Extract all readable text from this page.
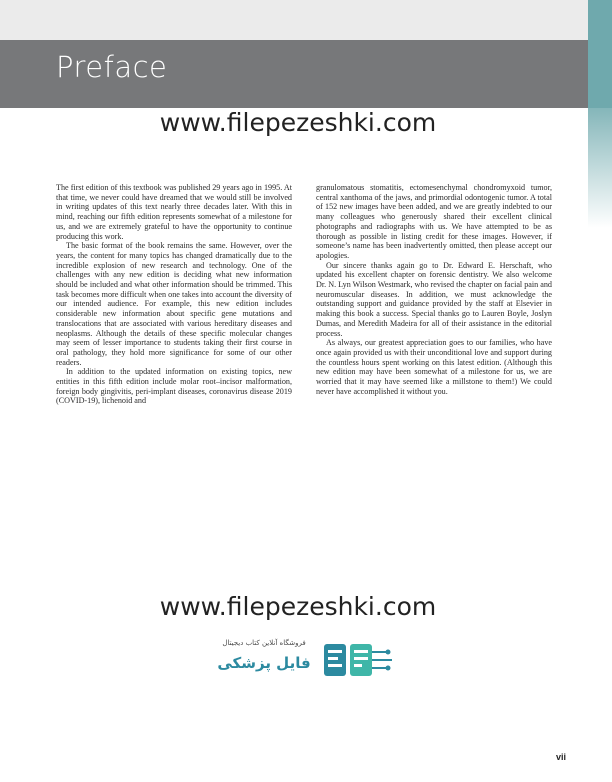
Preface
www.filepezeshki.com

The first edition of this textbook was published 29 years ago in 1995. At that time, we never could have dreamed that we would still be involved in writing updates of this text nearly three decades later. With this in mind, reaching our fifth edition represents somewhat of a milestone for us, and we are extremely grateful to have the opportunity to continue producing this work.

The basic format of the book remains the same. However, over the years, the content for many topics has changed dramatically due to the incredible explosion of new research and technology. One of the challenges with any new edition is deciding what new information should be included and what other information should be trimmed. This task becomes more difficult when one takes into account the diversity of our intended audience. For example, this new edition includes considerable new information about specific gene mutations and translocations that are associated with various hereditary diseases and neoplasms. Although the details of these specific molecular changes may seem of lesser importance to students taking their first course in oral pathology, they hold more significance for some of our other readers.

In addition to the updated information on existing topics, new entities in this fifth edition include molar root–incisor malformation, foreign body gingivitis, peri-implant diseases, coronavirus disease 2019 (COVID-19), lichenoid and

granulomatous stomatitis, ectomesenchymal chondromyxoid tumor, central xanthoma of the jaws, and primordial odontogenic tumor. A total of 152 new images have been added, and we are greatly indebted to our many colleagues who generously shared their excellent clinical photographs and radiographs with us. We have attempted to be as thorough as possible in listing credit for these images. However, if someone’s name has been inadvertently omitted, then please accept our apologies.

Our sincere thanks again go to Dr. Edward E. Herschaft, who updated his excellent chapter on forensic dentistry. We also welcome Dr. N. Lyn Wilson Westmark, who revised the chapter on facial pain and neuromuscular diseases. In addition, we must acknowledge the outstanding support and guidance provided by the staff at Elsevier in making this book a success. Special thanks go to Lauren Boyle, Joslyn Dumas, and Meredith Madeira for all of their assistance in the editorial process.

As always, our greatest appreciation goes to our families, who have once again provided us with their unconditional love and support during the countless hours spent working on this latest edition. (Although this new edition may have been somewhat of a milestone for us, we are worried that it may have seemed like a millstone to them!) We could never have accomplished it without you.

www.filepezeshki.com
فروشگاه آنلاین کتاب دیجیتال
فایل پزشکی
vii
